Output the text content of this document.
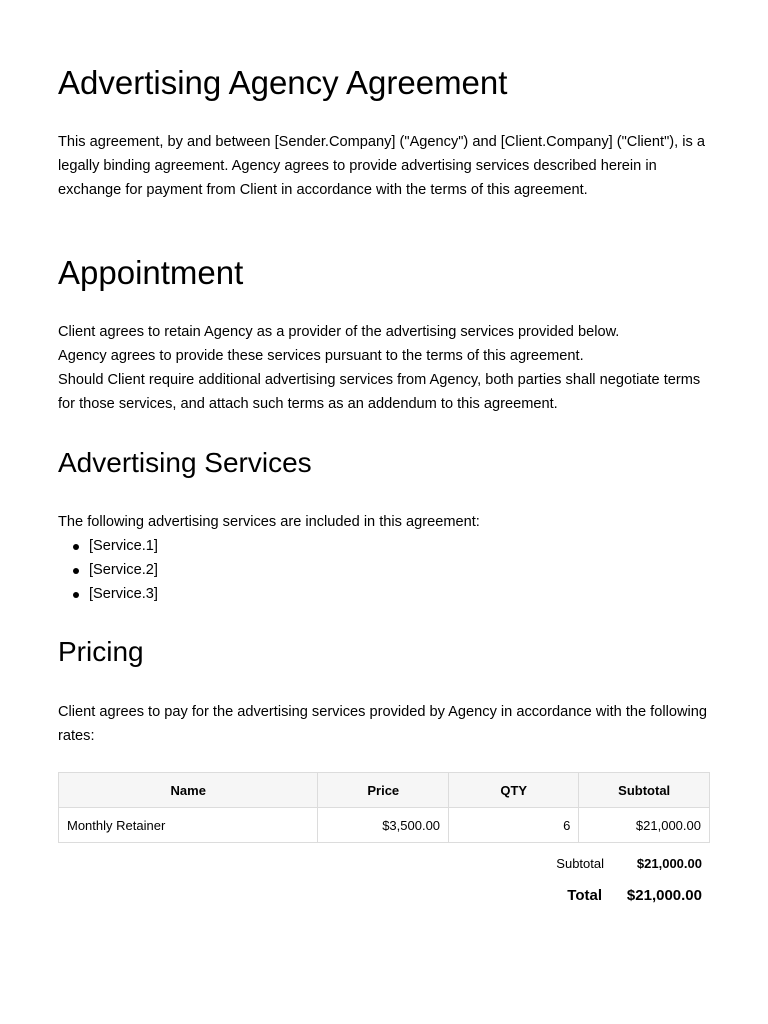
Advertising Agency Agreement

This agreement, by and between [Sender.Company] ("Agency") and [Client.Company] ("Client"), is a legally binding agreement. Agency agrees to provide advertising services described herein in exchange for payment from Client in accordance with the terms of this agreement.

Appointment

Client agrees to retain Agency as a provider of the advertising services provided below.

Agency agrees to provide these services pursuant to the terms of this agreement.

Should Client require additional advertising services from Agency, both parties shall negotiate terms for those services, and attach such terms as an addendum to this agreement.

Advertising Services

The following advertising services are included in this agreement:

[Service.1]
[Service.2]
[Service.3]
Pricing

Client agrees to pay for the advertising services provided by Agency in accordance with the following rates:

Name	Price	QTY	Subtotal
Monthly Retainer	$3,500.00	6	$21,000.00
Subtotal	$21,000.00
Total $21,000.00
